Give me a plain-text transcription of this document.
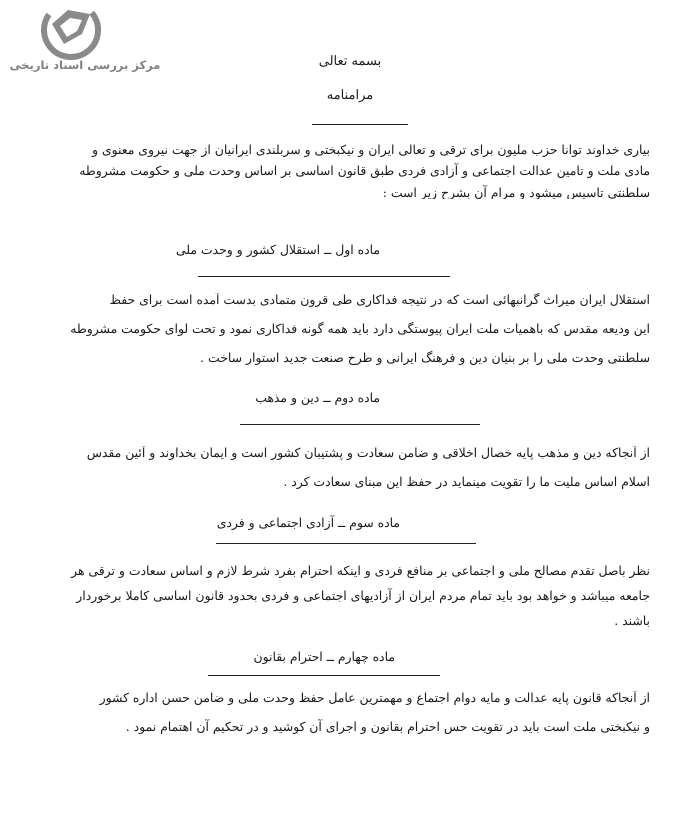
مرکز بررسی اسناد تاریخی	بسمه تعالی
مرامنامه
بیاری خداوند توانا حزب ملیون برای ترقی و تعالی ایران و نیکبختی و سربلندی ایرانیان از جهت نیروی معنوی و
مادی ملت و تامین عدالت اجتماعی و آزادی فردی طبق قانون اساسی بر اساس وحدت ملی و حکومت مشروطه
سلطنتی تاسیس میشود و مرام آن بشرح زیر است :
ماده اول ــ استقلال کشور و وحدت ملی
استقلال ایران میراث گرانبهائی است که در نتیجه فداکاری طی قرون متمادی بدست آمده است برای حفظ
این ودیعه مقدس که باهمیات ملت ایران پیوستگی دارد باید همه گونه فداکاری نمود و تحت لوای حکومت مشروطه
سلطنتی وحدت ملی را بر بنیان دین و فرهنگ ایرانی و طرح صنعت جدید استوار ساخت .
ماده دوم ــ دین و مذهب
از آنجاکه دین و مذهب پایه خصال اخلاقی و ضامن سعادت و پشتیبان کشور است و ایمان بخداوند و آئین مقدس
اسلام اساس ملیت ما را تقویت مینماید در حفظ این مبنای سعادت کرد .
ماده سوم ــ آزادی اجتماعی و فردی
نظر باصل تقدم مصالح ملی و اجتماعی بر منافع فردی و اینکه احترام بفرد شرط لازم و اساس سعادت و ترقی هر
جامعه میباشد و خواهد بود باید تمام مردم ایران از آزادیهای اجتماعی و فردی بحدود قانون اساسی کاملا برخوردار
باشند .
ماده چهارم ــ احترام بقانون
از آنجاکه قانون پایه عدالت و مایه دوام اجتماع و مهمترین عامل حفظ وحدت ملی و ضامن حسن اداره کشور
و نیکبختی ملت است باید در تقویت حس احترام بقانون و اجرای آن کوشید و در تحکیم آن اهتمام نمود .
